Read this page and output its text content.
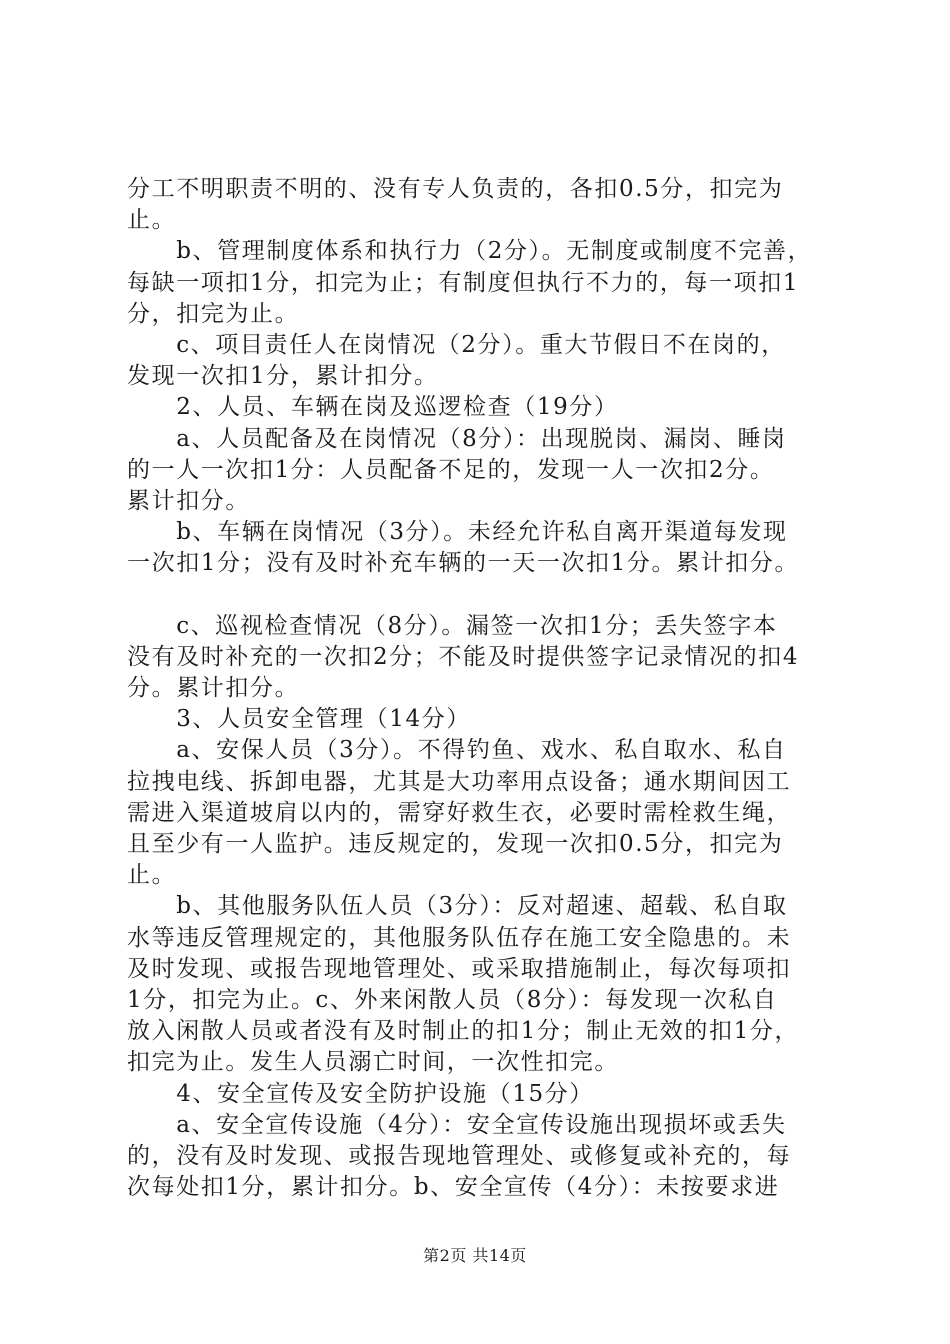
分工不明职责不明的、没有专人负责的，各扣0.5分，扣完为

止。

　　b、管理制度体系和执行力（2分）。无制度或制度不完善，

每缺一项扣1分，扣完为止；有制度但执行不力的，每一项扣1

分，扣完为止。

　　c、项目责任人在岗情况（2分）。重大节假日不在岗的，

发现一次扣1分，累计扣分。

　　2、人员、车辆在岗及巡逻检查（19分）

　　a、人员配备及在岗情况（8分）：出现脱岗、漏岗、睡岗

的一人一次扣1分：人员配备不足的，发现一人一次扣2分。

累计扣分。

　　b、车辆在岗情况（3分）。未经允许私自离开渠道每发现

一次扣1分；没有及时补充车辆的一天一次扣1分。累计扣分。

　　c、巡视检查情况（8分）。漏签一次扣1分；丢失签字本

没有及时补充的一次扣2分；不能及时提供签字记录情况的扣4

分。累计扣分。

　　3、人员安全管理（14分）

　　a、安保人员（3分）。不得钓鱼、戏水、私自取水、私自

拉拽电线、拆卸电器，尤其是大功率用点设备；通水期间因工

需进入渠道坡肩以内的，需穿好救生衣，必要时需栓救生绳，

且至少有一人监护。违反规定的，发现一次扣0.5分，扣完为

止。

　　b、其他服务队伍人员（3分）：反对超速、超载、私自取

水等违反管理规定的，其他服务队伍存在施工安全隐患的。未

及时发现、或报告现地管理处、或采取措施制止，每次每项扣

1分，扣完为止。c、外来闲散人员（8分）：每发现一次私自

放入闲散人员或者没有及时制止的扣1分；制止无效的扣1分，

扣完为止。发生人员溺亡时间，一次性扣完。

　　4、安全宣传及安全防护设施（15分）

　　a、安全宣传设施（4分）：安全宣传设施出现损坏或丢失

的，没有及时发现、或报告现地管理处、或修复或补充的，每

次每处扣1分，累计扣分。b、安全宣传（4分）：未按要求进

第2页 共14页
